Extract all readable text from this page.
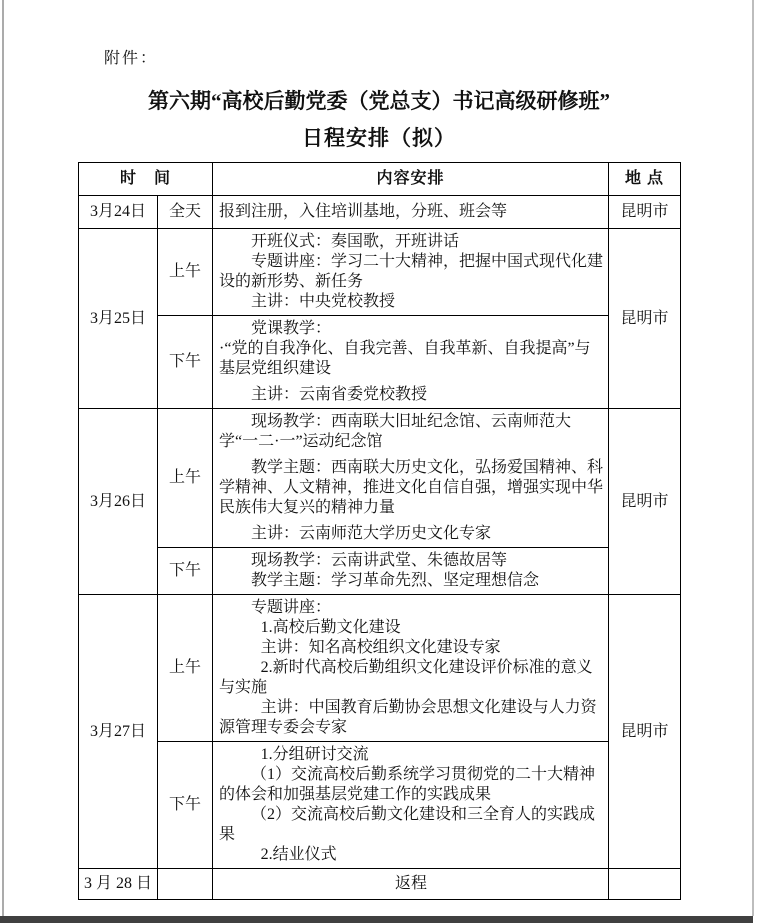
附件：
第六期“高校后勤党委（党总支）书记高级研修班”
日程安排（拟）
时　间		内容安排	地 点
3月24日	全天	报到注册，入住培训基地，分班、班会等	昆明市
3月25日	上午	开班仪式：奏国歌，开班讲话

专题讲座：学习二十大精神，把握中国式现代化建设的新形势、新任务

主讲：中央党校教授	昆明市
	下午	党课教学：

·“党的自我净化、自我完善、自我革新、自我提高”与基层党组织建设

主讲：云南省委党校教授	

3月26日	上午	现场教学：西南联大旧址纪念馆、云南师范大学“一二·一”运动纪念馆

教学主题：西南联大历史文化，弘扬爱国精神、科学精神、人文精神，推进文化自信自强，增强实现中华民族伟大复兴的精神力量

主讲：云南师范大学历史文化专家	昆明市
	下午	现场教学：云南讲武堂、朱德故居等

教学主题：学习革命先烈、坚定理想信念	

3月27日	上午	专题讲座：

1.高校后勤文化建设

主讲：知名高校组织文化建设专家

2.新时代高校后勤组织文化建设评价标准的意义与实施

主讲：中国教育后勤协会思想文化建设与人力资源管理专委会专家	昆明市
	下午	1.分组研讨交流

（1）交流高校后勤系统学习贯彻党的二十大精神的体会和加强基层党建工作的实践成果

（2）交流高校后勤文化建设和三全育人的实践成果

2.结业仪式	

3 月 28 日		返程	
